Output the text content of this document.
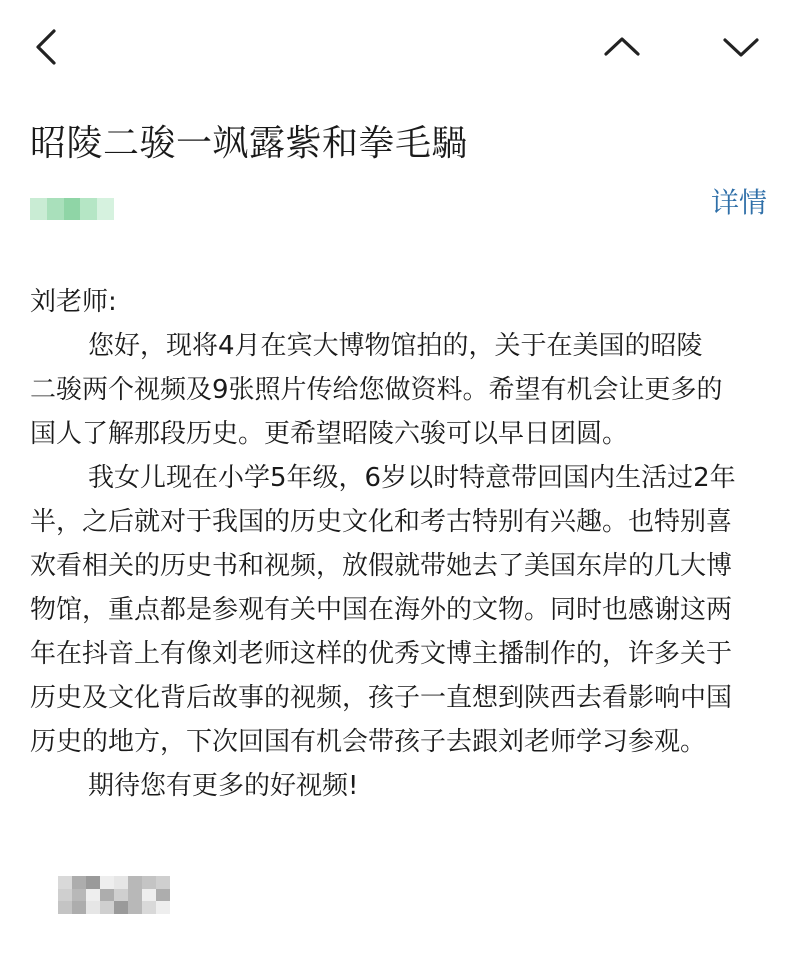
昭陵二骏一飒露紫和拳毛騧
详情

刘老师:

您好，现将4月在宾大博物馆拍的，关于在美国的昭陵

二骏两个视频及9张照片传给您做资料。希望有机会让更多的

国人了解那段历史。更希望昭陵六骏可以早日团圆。

我女儿现在小学5年级，6岁以时特意带回国内生活过2年

半，之后就对于我国的历史文化和考古特别有兴趣。也特别喜

欢看相关的历史书和视频，放假就带她去了美国东岸的几大博

物馆，重点都是参观有关中国在海外的文物。同时也感谢这两

年在抖音上有像刘老师这样的优秀文博主播制作的，许多关于

历史及文化背后故事的视频，孩子一直想到陕西去看影响中国

历史的地方，下次回国有机会带孩子去跟刘老师学习参观。

期待您有更多的好视频!
